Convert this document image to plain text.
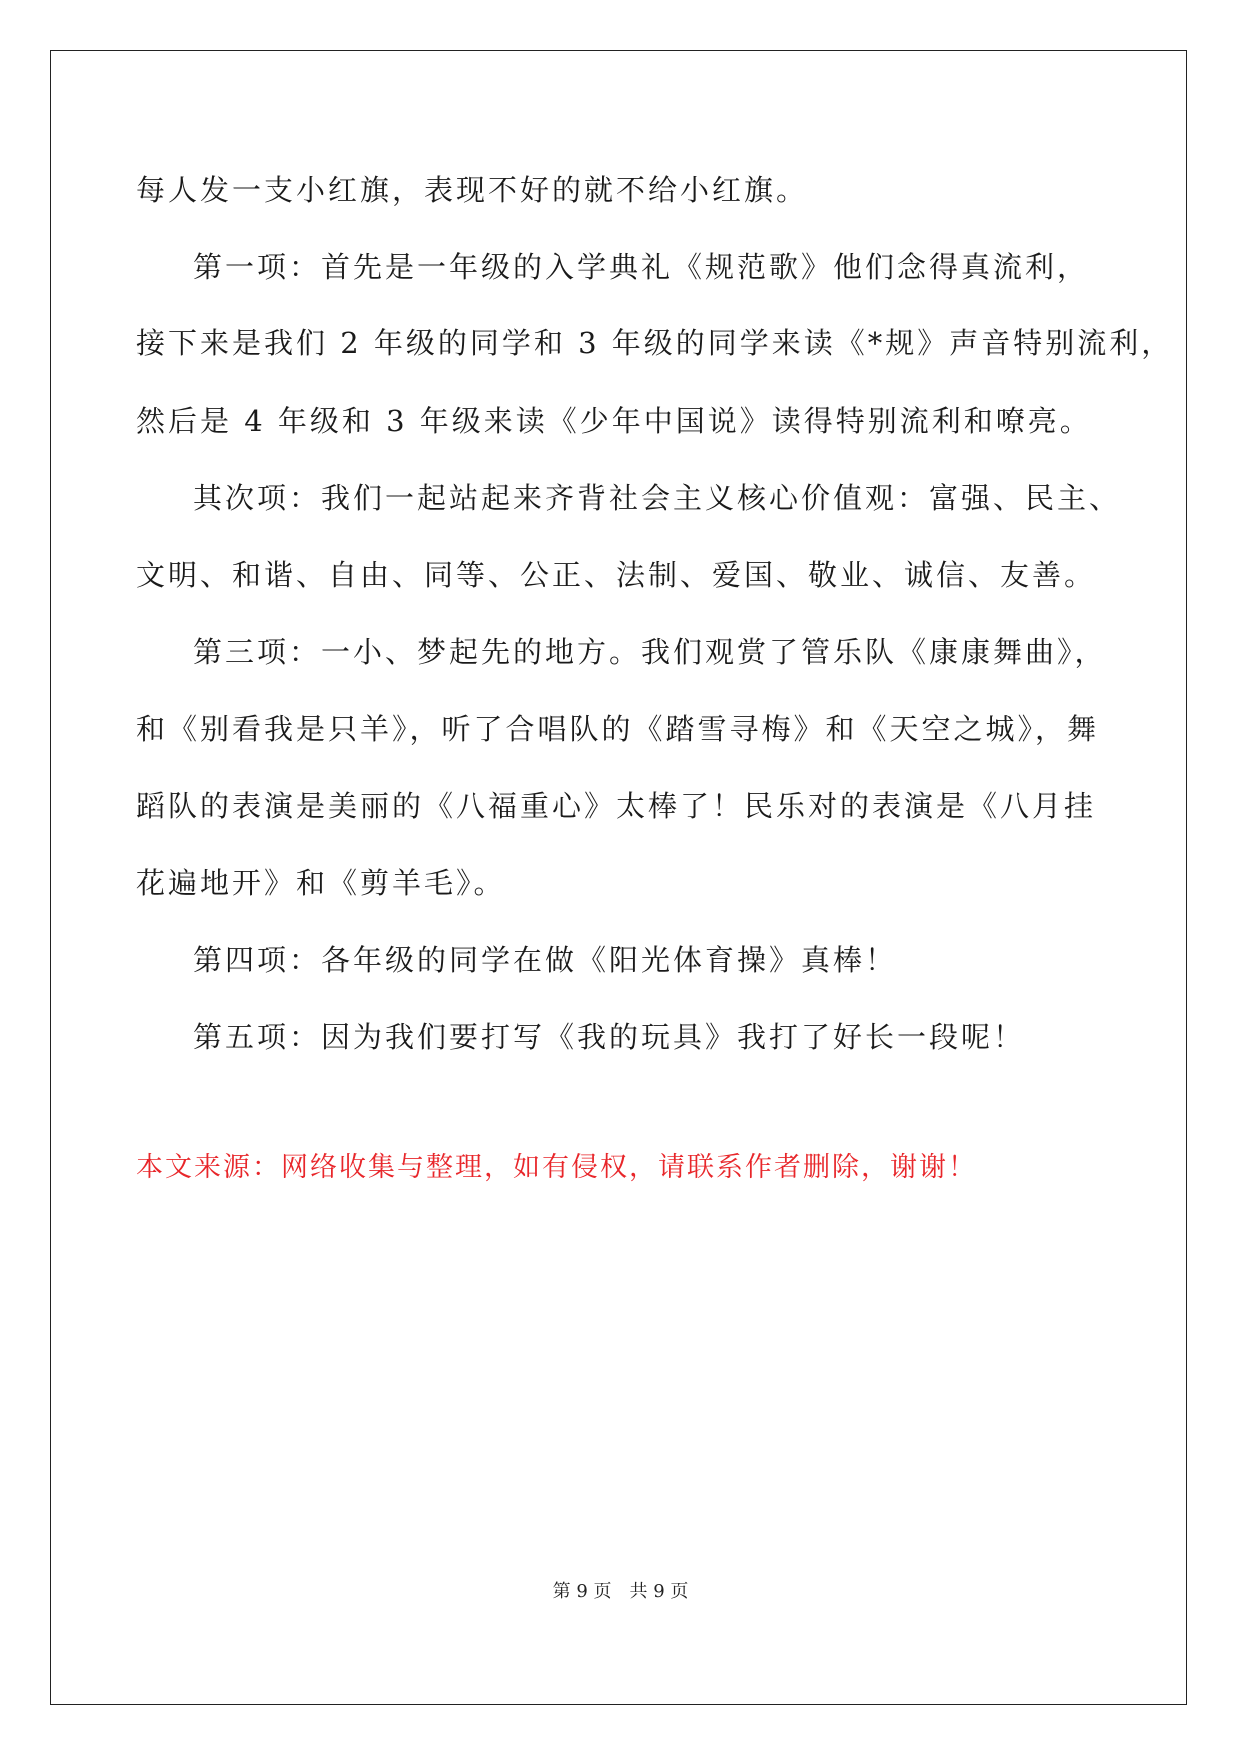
每人发一支小红旗，表现不好的就不给小红旗。
第一项：首先是一年级的入学典礼《规范歌》他们念得真流利，
接下来是我们 2 年级的同学和 3 年级的同学来读《*规》声音特别流利，
然后是 4 年级和 3 年级来读《少年中国说》读得特别流利和嘹亮。
其次项：我们一起站起来齐背社会主义核心价值观：富强、民主、
文明、和谐、自由、同等、公正、法制、爱国、敬业、诚信、友善。
第三项：一小、梦起先的地方。我们观赏了管乐队《康康舞曲》，
和《别看我是只羊》，听了合唱队的《踏雪寻梅》和《天空之城》，舞
蹈队的表演是美丽的《八福重心》太棒了！民乐对的表演是《八月挂
花遍地开》和《剪羊毛》。
第四项：各年级的同学在做《阳光体育操》真棒！
第五项：因为我们要打写《我的玩具》我打了好长一段呢！
本文来源：网络收集与整理，如有侵权，请联系作者删除，谢谢！
第 9 页　共 9 页
